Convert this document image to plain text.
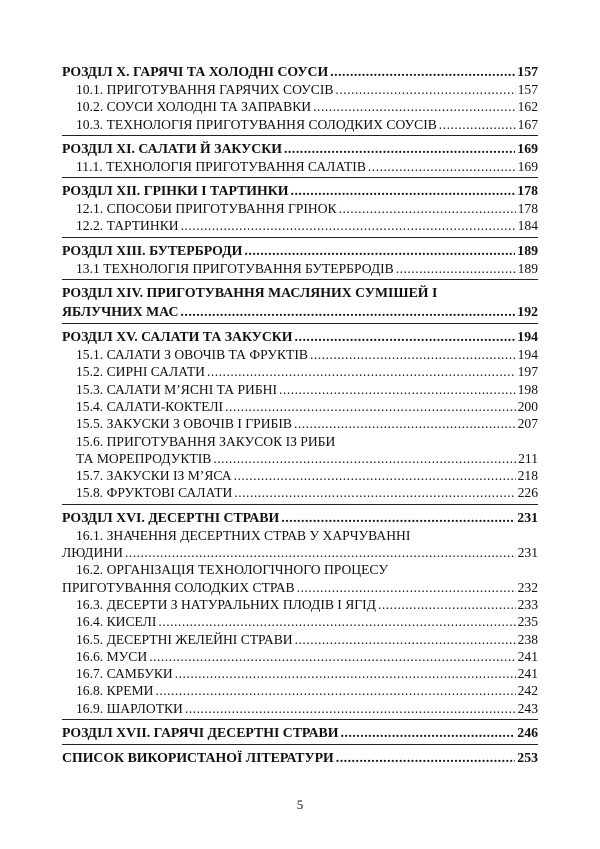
РОЗДІЛ X. ГАРЯЧІ ТА ХОЛОДНІ СОУСИ .....	157
10.1. ПРИГОТУВАННЯ ГАРЯЧИХ СОУСІВ .....	157
10.2. СОУСИ ХОЛОДНІ ТА ЗАПРАВКИ .....	162
10.3. ТЕХНОЛОГІЯ ПРИГОТУВАННЯ СОЛОДКИХ СОУСІВ .....	167
РОЗДІЛ XI. САЛАТИ Й ЗАКУСКИ .....	169
11.1. ТЕХНОЛОГІЯ ПРИГОТУВАННЯ САЛАТІВ .....	169
РОЗДІЛ XII. ГРІНКИ І ТАРТИНКИ .....	178
12.1. СПОСОБИ ПРИГОТУВАННЯ ГРІНОК .....	178
12.2. ТАРТИНКИ .....	184
РОЗДІЛ XIII. БУТЕРБРОДИ .....	189
13.1 ТЕХНОЛОГІЯ ПРИГОТУВАННЯ БУТЕРБРОДІВ .....	189
РОЗДІЛ XIV. ПРИГОТУВАННЯ МАСЛЯНИХ СУМІШЕЙ І
ЯБЛУЧНИХ МАС .....	192
РОЗДІЛ XV. САЛАТИ ТА ЗАКУСКИ .....	194
15.1. САЛАТИ З ОВОЧІВ ТА ФРУКТІВ .....	194
15.2. СИРНІ САЛАТИ .....	197
15.3. САЛАТИ М’ЯСНІ ТА РИБНІ .....	198
15.4. САЛАТИ-КОКТЕЛІ .....	200
15.5. ЗАКУСКИ З ОВОЧІВ І ГРИБІВ .....	207
15.6. ПРИГОТУВАННЯ ЗАКУСОК ІЗ РИБИ
ТА МОРЕПРОДУКТІВ .....	211
15.7. ЗАКУСКИ ІЗ М’ЯСА .....	218
15.8. ФРУКТОВІ САЛАТИ .....	226
РОЗДІЛ XVI. ДЕСЕРТНІ СТРАВИ .....	231
16.1. ЗНАЧЕННЯ ДЕСЕРТНИХ СТРАВ У ХАРЧУВАННІ
ЛЮДИНИ .....	231
16.2. ОРГАНІЗАЦІЯ ТЕХНОЛОГІЧНОГО ПРОЦЕСУ
ПРИГОТУВАННЯ СОЛОДКИХ СТРАВ .....	232
16.3. ДЕСЕРТИ З НАТУРАЛЬНИХ ПЛОДІВ І ЯГІД .....	233
16.4. КИСЕЛІ .....	235
16.5. ДЕСЕРТНІ ЖЕЛЕЙНІ СТРАВИ .....	238
16.6. МУСИ .....	241
16.7. САМБУКИ .....	241
16.8. КРЕМИ .....	242
16.9. ШАРЛОТКИ .....	243
РОЗДІЛ XVII. ГАРЯЧІ ДЕСЕРТНІ СТРАВИ .....	246
СПИСОК ВИКОРИСТАНОЇ ЛІТЕРАТУРИ .....	253
5
